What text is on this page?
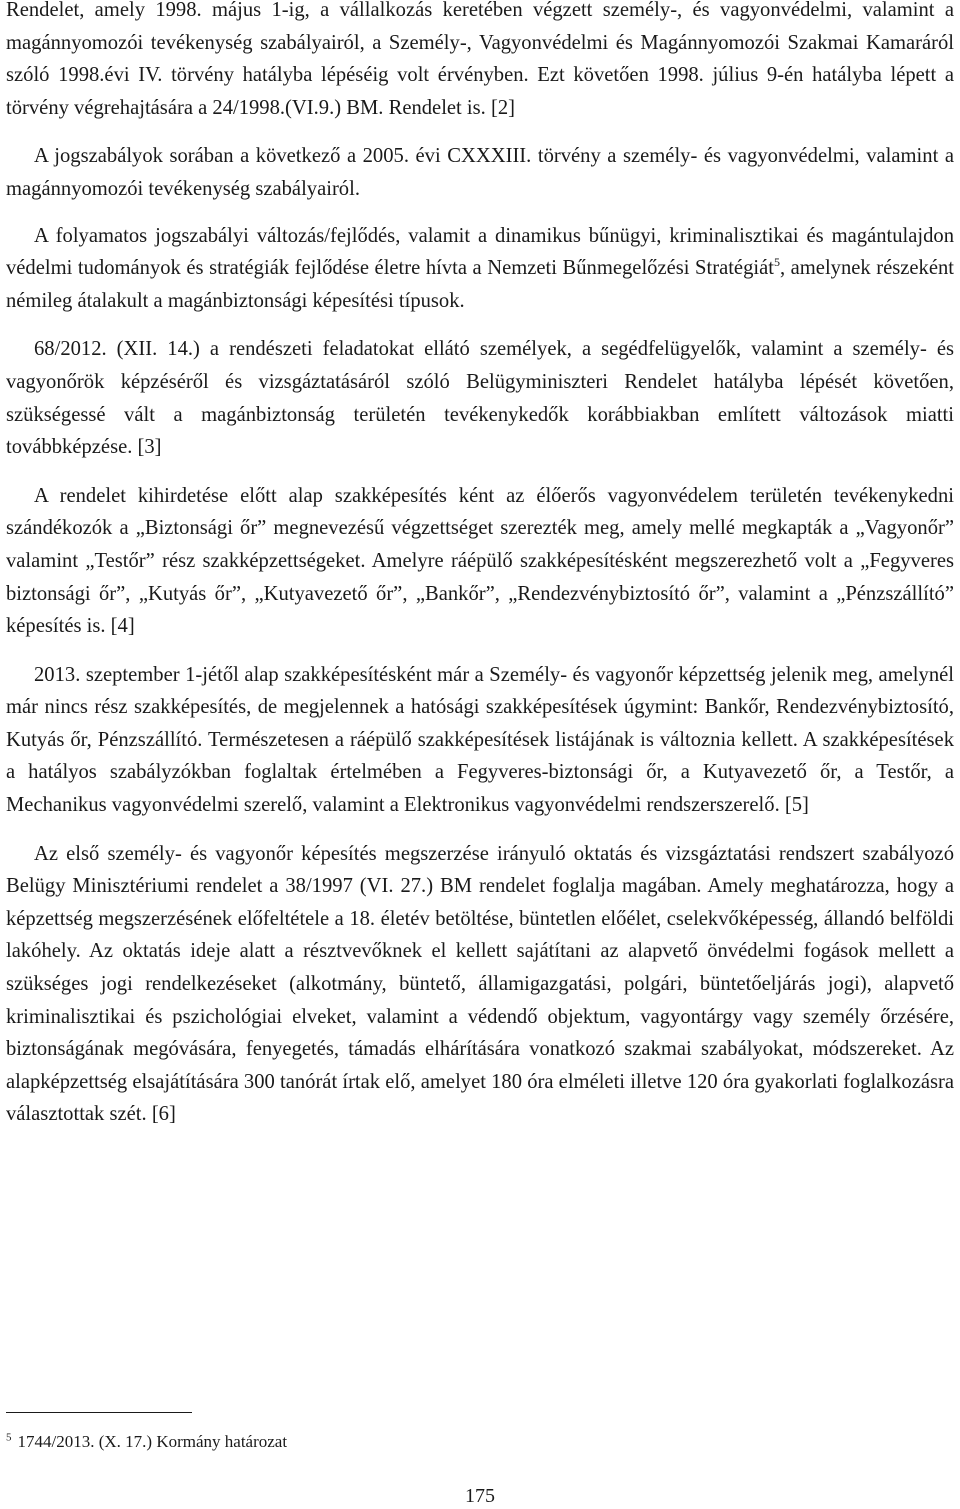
Rendelet, amely 1998. május 1-ig, a vállalkozás keretében végzett személy-, és vagyonvédelmi, valamint a magánnyomozói tevékenység szabályairól, a Személy-, Vagyonvédelmi és Magánnyomozói Szakmai Kamaráról szóló 1998.évi IV. törvény hatályba lépéséig volt érvényben. Ezt követően 1998. július 9-én hatályba lépett a törvény végrehajtására a 24/1998.(VI.9.) BM. Rendelet is. [2]

A jogszabályok sorában a következő a 2005. évi CXXXIII. törvény a személy- és vagyonvédelmi, valamint a magánnyomozói tevékenység szabályairól.

A folyamatos jogszabályi változás/fejlődés, valamit a dinamikus bűnügyi, kriminalisztikai és magántulajdon védelmi tudományok és stratégiák fejlődése életre hívta a Nemzeti Bűnmegelőzési Stratégiát$^5$, amelynek részeként némileg átalakult a magánbiztonsági képesítési típusok.

68/2012. (XII. 14.) a rendészeti feladatokat ellátó személyek, a segédfelügyelők, valamint a személy- és vagyonőrök képzéséről és vizsgáztatásáról szóló Belügyminiszteri Rendelet hatályba lépését követően, szükségessé vált a magánbiztonság területén tevékenykedők korábbiakban említett változások miatti továbbképzése. [3]

A rendelet kihirdetése előtt alap szakképesítés ként az élőerős vagyonvédelem területén tevékenykedni szándékozók a „Biztonsági őr” megnevezésű végzettséget szerezték meg, amely mellé megkapták a „Vagyonőr” valamint „Testőr” rész szakképzettségeket. Amelyre ráépülő szakképesítésként megszerezhető volt a „Fegyveres biztonsági őr”, „Kutyás őr”, „Kutyavezető őr”, „Bankőr”, „Rendezvénybiztosító őr”, valamint a „Pénzszállító” képesítés is. [4]

2013. szeptember 1-jétől alap szakképesítésként már a Személy- és vagyonőr képzettség jelenik meg, amelynél már nincs rész szakképesítés, de megjelennek a hatósági szakképesítések úgymint: Bankőr, Rendezvénybiztosító, Kutyás őr, Pénzszállító. Természetesen a ráépülő szakképesítések listájának is változnia kellett. A szakképesítések a hatályos szabályzókban foglaltak értelmében a Fegyveres-biztonsági őr, a Kutyavezető őr, a Testőr, a Mechanikus vagyonvédelmi szerelő, valamint a Elektronikus vagyonvédelmi rendszerszerelő. [5]

Az első személy- és vagyonőr képesítés megszerzése irányuló oktatás és vizsgáztatási rendszert szabályozó Belügy Minisztériumi rendelet a 38/1997 (VI. 27.) BM rendelet foglalja magában. Amely meghatározza, hogy a képzettség megszerzésének előfeltétele a 18. életév betöltése, büntetlen előélet, cselekvőképesség, állandó belföldi lakóhely. Az oktatás ideje alatt a résztvevőknek el kellett sajátítani az alapvető önvédelmi fogások mellett a szükséges jogi rendelkezéseket (alkotmány, büntető, államigazgatási, polgári, büntetőeljárás jogi), alapvető kriminalisztikai és pszichológiai elveket, valamint a védendő objektum, vagyontárgy vagy személy őrzésére, biztonságának megóvására, fenyegetés, támadás elhárítására vonatkozó szakmai szabályokat, módszereket. Az alapképzettség elsajátítására 300 tanórát írtak elő, amelyet 180 óra elméleti illetve 120 óra gyakorlati foglalkozásra választottak szét. [6]

$^5$ 1744/2013. (X. 17.) Kormány határozat
175
